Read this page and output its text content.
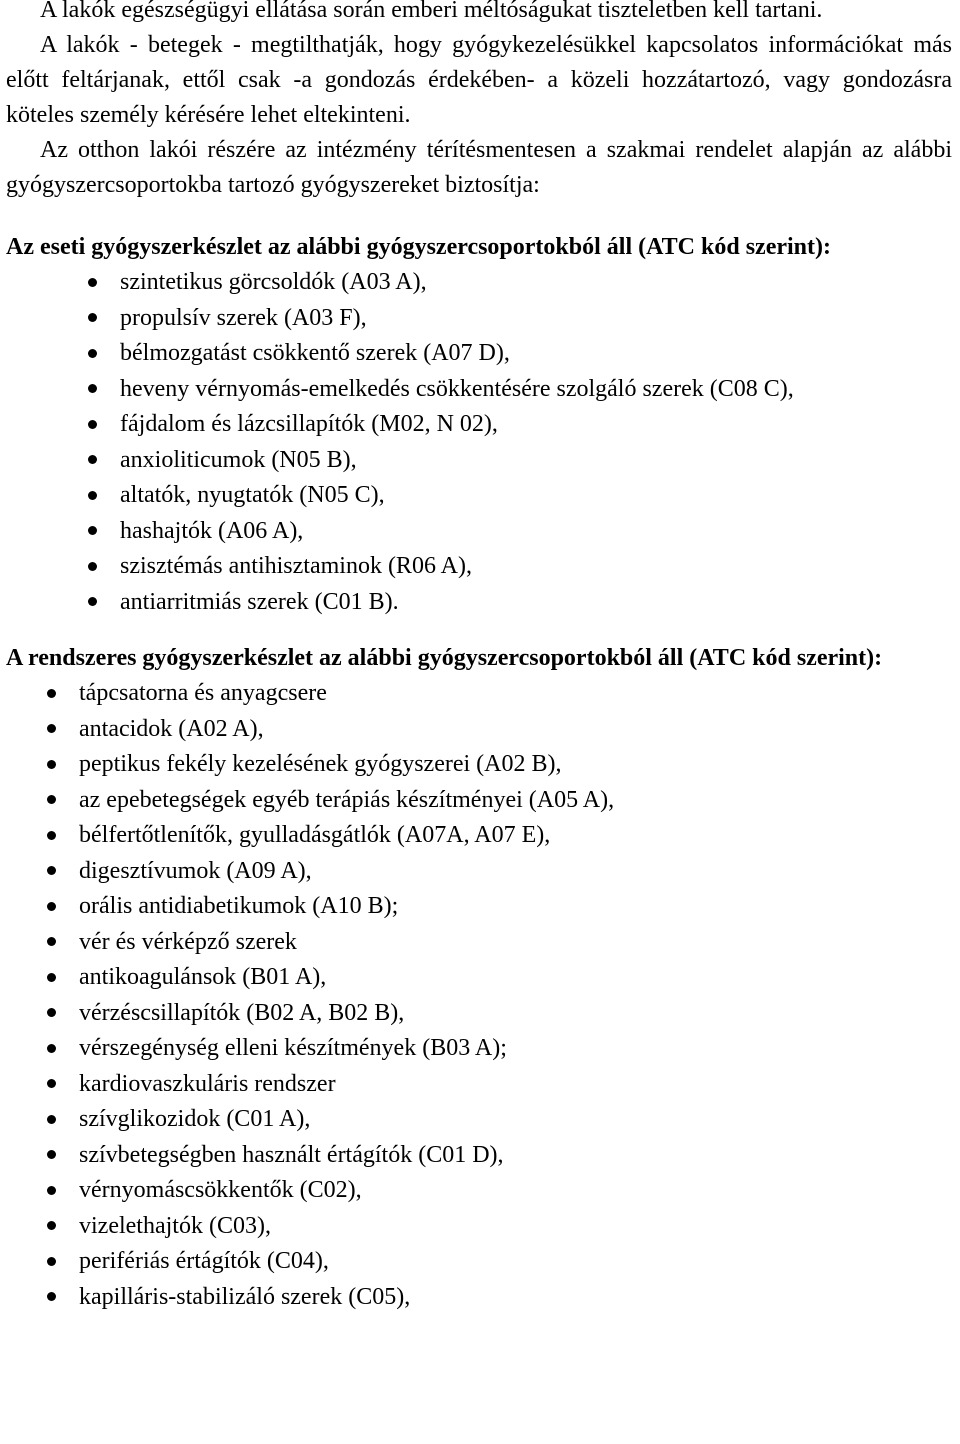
A lakók egészségügyi ellátása során emberi méltóságukat tiszteletben kell tartani.

A lakók - betegek - megtilthatják, hogy gyógykezelésükkel kapcsolatos információkat más előtt feltárjanak, ettől csak -a gondozás érdekében- a közeli hozzátartozó, vagy gondozásra köteles személy kérésére lehet eltekinteni.

Az otthon lakói részére az intézmény térítésmentesen a szakmai rendelet alapján az alábbi gyógyszercsoportokba tartozó gyógyszereket biztosítja:

Az eseti gyógyszerkészlet az alábbi gyógyszercsoportokból áll (ATC kód szerint):

szintetikus görcsoldók (A03 A),
propulsív szerek (A03 F),
bélmozgatást csökkentő szerek (A07 D),
heveny vérnyomás-emelkedés csökkentésére szolgáló szerek (C08 C),
fájdalom és lázcsillapítók (M02, N 02),
anxioliticumok (N05 B),
altatók, nyugtatók (N05 C),
hashajtók (A06 A),
szisztémás antihisztaminok (R06 A),
antiarritmiás szerek (C01 B).

A rendszeres gyógyszerkészlet az alábbi gyógyszercsoportokból áll (ATC kód szerint):

tápcsatorna és anyagcsere
antacidok (A02 A),
peptikus fekély kezelésének gyógyszerei (A02 B),
az epebetegségek egyéb terápiás készítményei (A05 A),
bélfertőtlenítők, gyulladásgátlók (A07A, A07 E),
digesztívumok (A09 A),
orális antidiabetikumok (A10 B);
vér és vérképző szerek
antikoagulánsok (B01 A),
vérzéscsillapítók (B02 A, B02 B),
vérszegénység elleni készítmények (B03 A);
kardiovaszkuláris rendszer
szívglikozidok (C01 A),
szívbetegségben használt értágítók (C01 D),
vérnyomáscsökkentők (C02),
vizelethajtók (C03),
perifériás értágítók (C04),
kapilláris-stabilizáló szerek (C05),
